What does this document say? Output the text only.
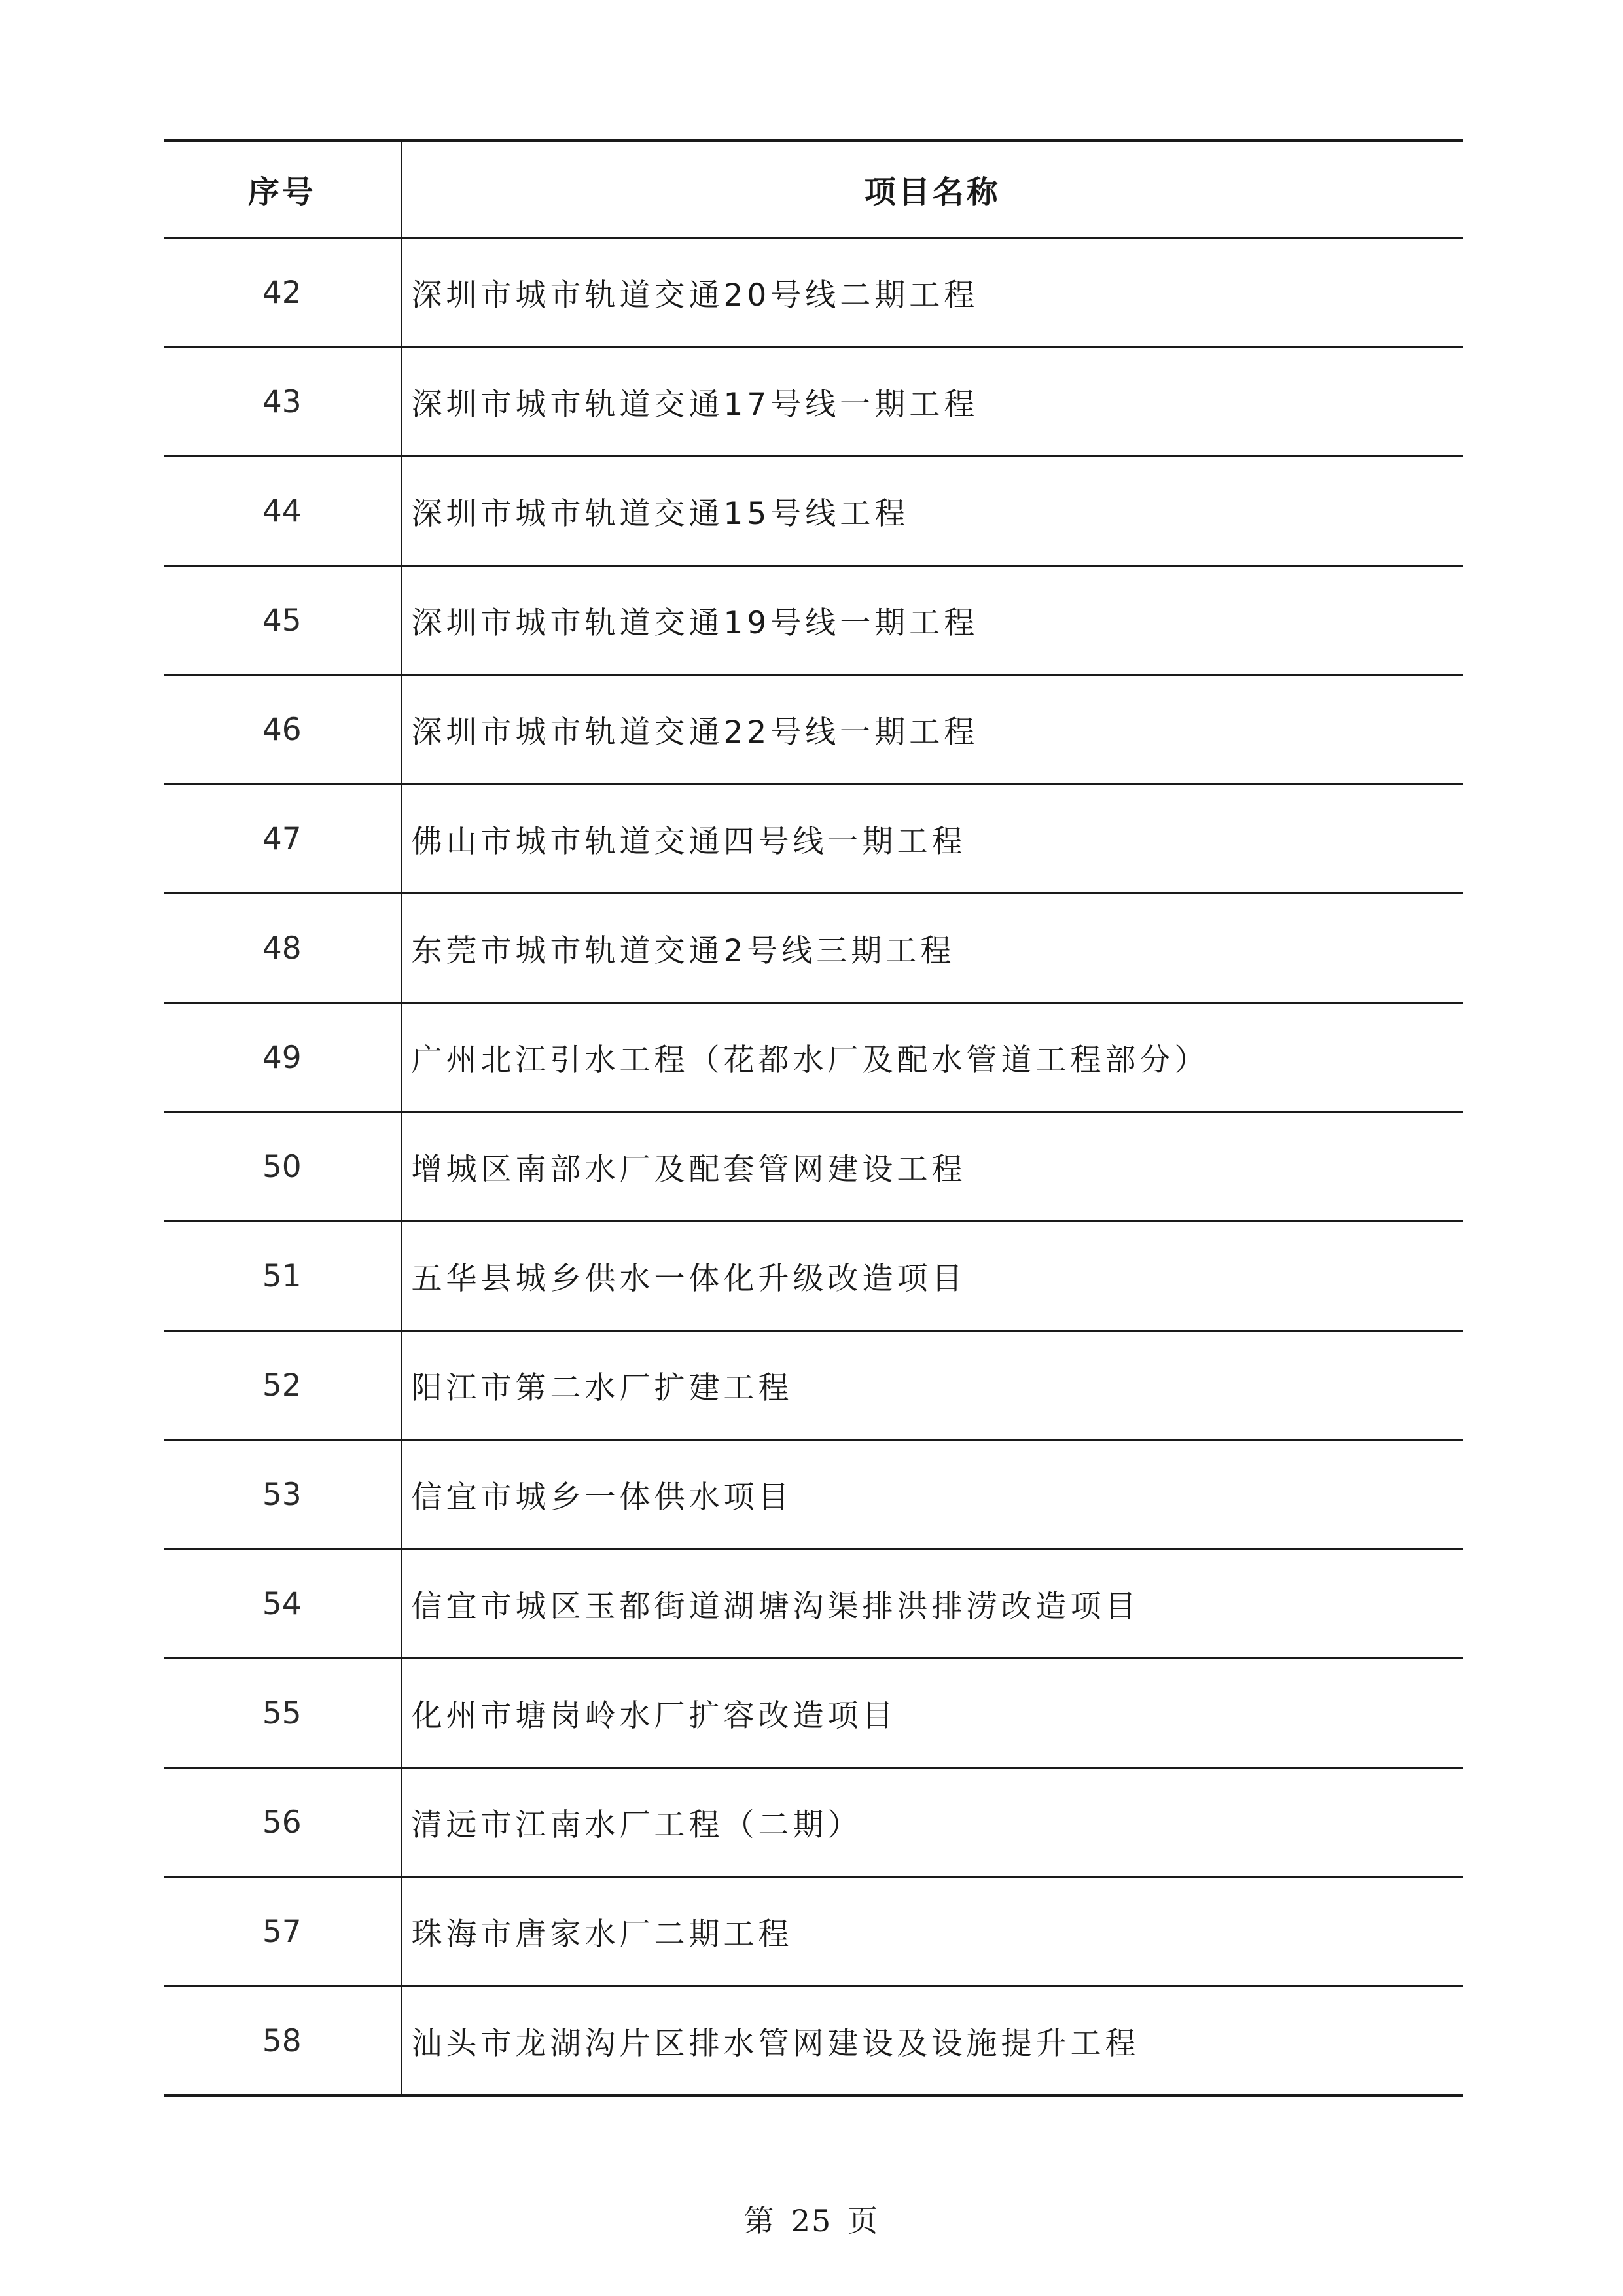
序号	项目名称
42	深圳市城市轨道交通20号线二期工程
43	深圳市城市轨道交通17号线一期工程
44	深圳市城市轨道交通15号线工程
45	深圳市城市轨道交通19号线一期工程
46	深圳市城市轨道交通22号线一期工程
47	佛山市城市轨道交通四号线一期工程
48	东莞市城市轨道交通2号线三期工程
49	广州北江引水工程（花都水厂及配水管道工程部分）
50	增城区南部水厂及配套管网建设工程
51	五华县城乡供水一体化升级改造项目
52	阳江市第二水厂扩建工程
53	信宜市城乡一体供水项目
54	信宜市城区玉都街道湖塘沟渠排洪排涝改造项目
55	化州市塘岗岭水厂扩容改造项目
56	清远市江南水厂工程（二期）
57	珠海市唐家水厂二期工程
58	汕头市龙湖沟片区排水管网建设及设施提升工程
第 25 页
